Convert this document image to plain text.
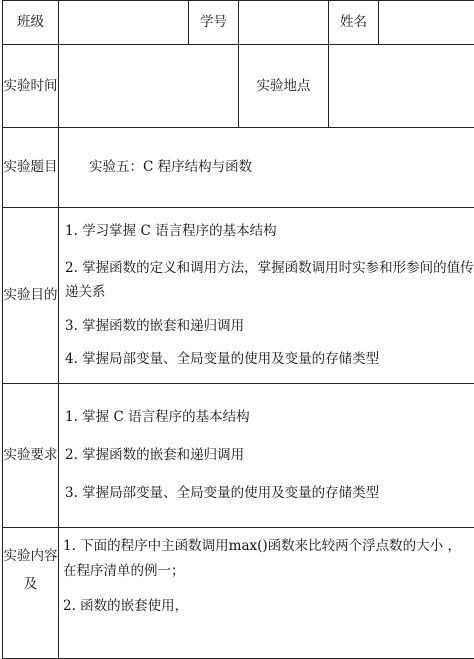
班级		学号		姓名	
实验时间			实验地点		
实验题目	实验五：C 程序结构与函数				
实验目的	1. 学习掌握 C 语言程序的基本结构
2. 掌握函数的定义和调用方法，掌握函数调用时实参和形参间的值传递关系
3. 掌握函数的嵌套和递归调用
4. 掌握局部变量、全局变量的使用及变量的存储类型				

实验要求	1. 掌握 C 语言程序的基本结构
2. 掌握函数的嵌套和递归调用
3. 掌握局部变量、全局变量的使用及变量的存储类型				

实验内容及	1. 下面的程序中主函数调用max()函数来比较两个浮点数的大小 ，在程序清单的例一；
2. 函数的嵌套使用，				
